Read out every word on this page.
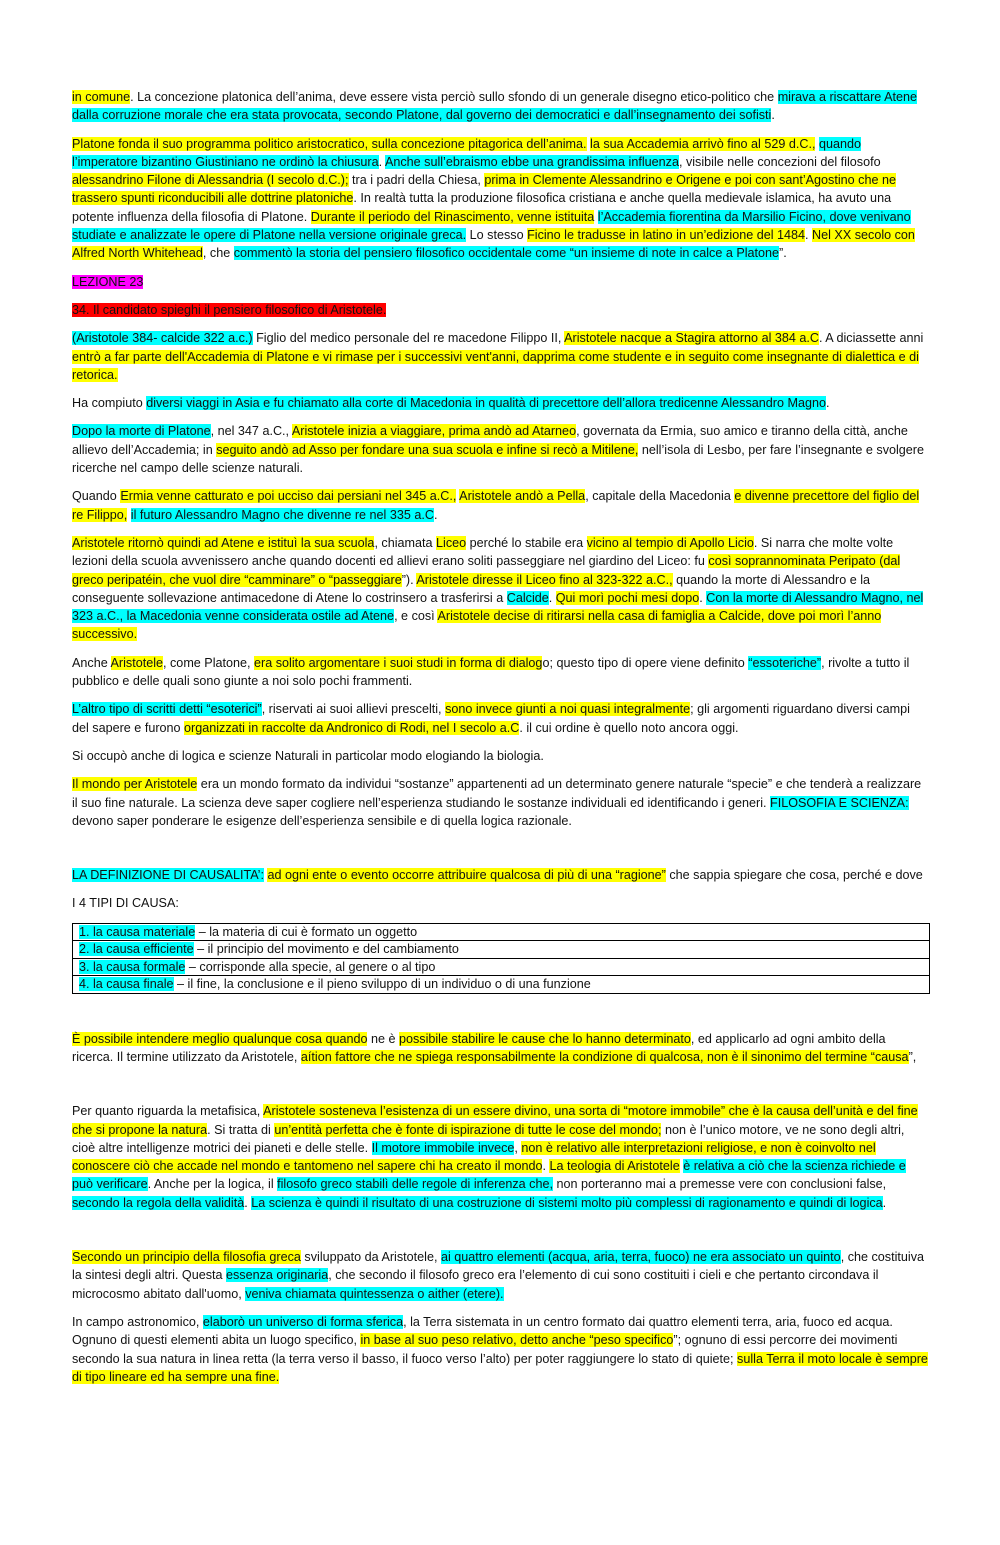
in comune. La concezione platonica dell’anima, deve essere vista perciò sullo sfondo di un generale disegno etico-politico che mirava a riscattare Atene dalla corruzione morale che era stata provocata, secondo Platone, dal governo dei democratici e dall’insegnamento dei sofisti.

Platone fonda il suo programma politico aristocratico, sulla concezione pitagorica dell’anima. la sua Accademia arrivò fino al 529 d.C., quando l’imperatore bizantino Giustiniano ne ordinò la chiusura. Anche sull’ebraismo ebbe una grandissima influenza, visibile nelle concezioni del filosofo alessandrino Filone di Alessandria (I secolo d.C.); tra i padri della Chiesa, prima in Clemente Alessandrino e Origene e poi con sant’Agostino che ne trassero spunti riconducibili alle dottrine platoniche. In realtà tutta la produzione filosofica cristiana e anche quella medievale islamica, ha avuto una potente influenza della filosofia di Platone. Durante il periodo del Rinascimento, venne istituita l’Accademia fiorentina da Marsilio Ficino, dove venivano studiate e analizzate le opere di Platone nella versione originale greca. Lo stesso Ficino le tradusse in latino in un’edizione del 1484. Nel XX secolo con Alfred North Whitehead, che commentò la storia del pensiero filosofico occidentale come “un insieme di note in calce a Platone”.

LEZIONE 23

34. Il candidato spieghi il pensiero filosofico di Aristotele.

(Aristotole 384- calcide 322 a.c.) Figlio del medico personale del re macedone Filippo II, Aristotele nacque a Stagira attorno al 384 a.C. A diciassette anni entrò a far parte dell'Accademia di Platone e vi rimase per i successivi vent'anni, dapprima come studente e in seguito come insegnante di dialettica e di retorica.

Ha compiuto diversi viaggi in Asia e fu chiamato alla corte di Macedonia in qualità di precettore dell’allora tredicenne Alessandro Magno.

Dopo la morte di Platone, nel 347 a.C., Aristotele inizia a viaggiare, prima andò ad Atarneo, governata da Ermia, suo amico e tiranno della città, anche allievo dell’Accademia; in seguito andò ad Asso per fondare una sua scuola e infine si recò a Mitilene, nell’isola di Lesbo, per fare l’insegnante e svolgere ricerche nel campo delle scienze naturali.

Quando Ermia venne catturato e poi ucciso dai persiani nel 345 a.C., Aristotele andò a Pella, capitale della Macedonia e divenne precettore del figlio del re Filippo, il futuro Alessandro Magno che divenne re nel 335 a.C.

Aristotele ritornò quindi ad Atene e istituì la sua scuola, chiamata Liceo perché lo stabile era vicino al tempio di Apollo Licio. Si narra che molte volte lezioni della scuola avvenissero anche quando docenti ed allievi erano soliti passeggiare nel giardino del Liceo: fu così soprannominata Peripato (dal greco peripatéin, che vuol dire “camminare” o “passeggiare”). Aristotele diresse il Liceo fino al 323-322 a.C., quando la morte di Alessandro e la conseguente sollevazione antimacedone di Atene lo costrinsero a trasferirsi a Calcide. Qui morì pochi mesi dopo. Con la morte di Alessandro Magno, nel 323 a.C., la Macedonia venne considerata ostile ad Atene, e così Aristotele decise di ritirarsi nella casa di famiglia a Calcide, dove poi morì l’anno successivo.

Anche Aristotele, come Platone, era solito argomentare i suoi studi in forma di dialogo; questo tipo di opere viene definito “essoteriche”, rivolte a tutto il pubblico e delle quali sono giunte a noi solo pochi frammenti.

L’altro tipo di scritti detti “esoterici”, riservati ai suoi allievi prescelti, sono invece giunti a noi quasi integralmente; gli argomenti riguardano diversi campi del sapere e furono organizzati in raccolte da Andronico di Rodi, nel I secolo a.C. il cui ordine è quello noto ancora oggi.

Si occupò anche di logica e scienze Naturali in particolar modo elogiando la biologia.

Il mondo per Aristotele era un mondo formato da individui “sostanze” appartenenti ad un determinato genere naturale “specie” e che tenderà a realizzare il suo fine naturale. La scienza deve saper cogliere nell’esperienza studiando le sostanze individuali ed identificando i generi. FILOSOFIA E SCIENZA: devono saper ponderare le esigenze dell’esperienza sensibile e di quella logica razionale.

LA DEFINIZIONE DI CAUSALITA’: ad ogni ente o evento occorre attribuire qualcosa di più di una “ragione” che sappia spiegare che cosa, perché e dove

I 4 TIPI DI CAUSA:

1. la causa materiale – la materia di cui è formato un oggetto
2. la causa efficiente – il principio del movimento e del cambiamento
3. la causa formale – corrisponde alla specie, al genere o al tipo
4. la causa finale – il fine, la conclusione e il pieno sviluppo di un individuo o di una funzione

È possibile intendere meglio qualunque cosa quando ne è possibile stabilire le cause che lo hanno determinato, ed applicarlo ad ogni ambito della ricerca. Il termine utilizzato da Aristotele, aítion fattore che ne spiega responsabilmente la condizione di qualcosa, non è il sinonimo del termine “causa”,

Per quanto riguarda la metafisica, Aristotele sosteneva l’esistenza di un essere divino, una sorta di “motore immobile” che è la causa dell’unità e del fine che si propone la natura. Si tratta di un’entità perfetta che è fonte di ispirazione di tutte le cose del mondo; non è l’unico motore, ve ne sono degli altri, cioè altre intelligenze motrici dei pianeti e delle stelle. Il motore immobile invece, non è relativo alle interpretazioni religiose, e non è coinvolto nel conoscere ciò che accade nel mondo e tantomeno nel sapere chi ha creato il mondo. La teologia di Aristotele è relativa a ciò che la scienza richiede e può verificare. Anche per la logica, il filosofo greco stabilì delle regole di inferenza che, non porteranno mai a premesse vere con conclusioni false, secondo la regola della validità. La scienza è quindi il risultato di una costruzione di sistemi molto più complessi di ragionamento e quindi di logica.

Secondo un principio della filosofia greca sviluppato da Aristotele, ai quattro elementi (acqua, aria, terra, fuoco) ne era associato un quinto, che costituiva la sintesi degli altri. Questa essenza originaria, che secondo il filosofo greco era l’elemento di cui sono costituiti i cieli e che pertanto circondava il microcosmo abitato dall'uomo, veniva chiamata quintessenza o aither (etere).

In campo astronomico, elaborò un universo di forma sferica, la Terra sistemata in un centro formato dai quattro elementi terra, aria, fuoco ed acqua. Ognuno di questi elementi abita un luogo specifico, in base al suo peso relativo, detto anche “peso specifico”; ognuno di essi percorre dei movimenti secondo la sua natura in linea retta (la terra verso il basso, il fuoco verso l’alto) per poter raggiungere lo stato di quiete; sulla Terra il moto locale è sempre di tipo lineare ed ha sempre una fine.
